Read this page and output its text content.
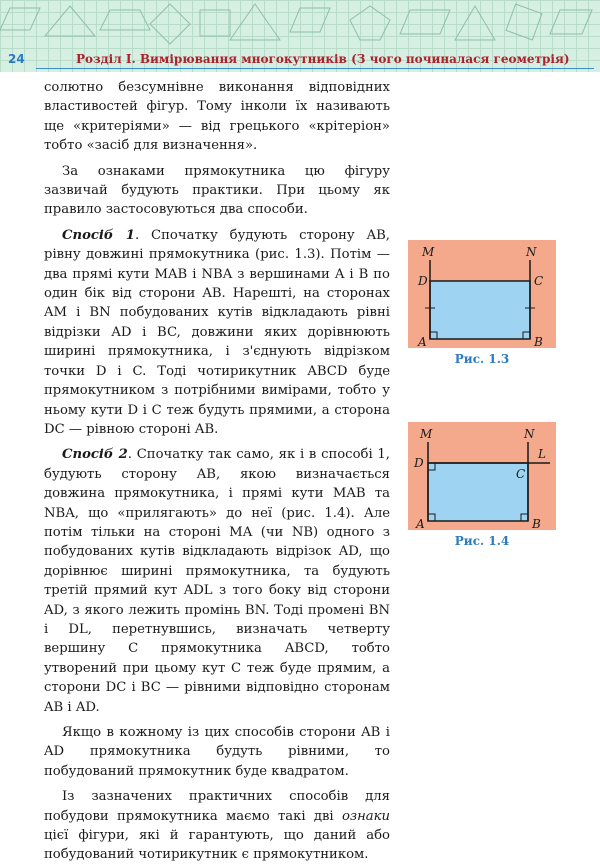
24	Розділ І. Вимірювання многокутників (З чого починалася геометрія)

солютно безсумнівне виконання відповідних властивостей фігур. Тому інколи їх називають ще «критеріями» — від грецького «крітеріон» тобто «засіб для визначення».

За ознаками прямокутника цю фігуру зазвичай будують практики. При цьому як правило застосовуються два способи.

Спосіб 1. Спочатку будують сторону AB, рівну довжині прямокутника (рис. 1.3). Потім — два прямі кути MAB і NBA з вершинами A і B по один бік від сторони AB. Нарешті, на сторонах AM і BN побудованих кутів відкладають рівні відрізки AD і BC, довжини яких дорівнюють ширині прямокутника, і з'єднують відрізком точки D і C. Тоді чотирикутник ABCD буде прямокутником з потрібними вимірами, тобто у ньому кути D і C теж будуть прямими, а сторона DC — рівною стороні AB.

Спосіб 2. Спочатку так само, як і в способі 1, будують сторону AB, якою визначається довжина прямокутника, і прямі кути MAB та NBA, що «прилягають» до неї (рис. 1.4). Але потім тільки на стороні MA (чи NB) одного з побудованих кутів відкладають відрізок AD, що дорівнює ширині прямокутника, та будують третій прямий кут ADL з того боку від сторони AD, з якого лежить промінь BN. Тоді промені BN і DL, перетнувшись, визначать четверту вершину C прямокутника ABCD, тобто утворений при цьому кут C теж буде прямим, а сторони DC і BC — рівними відповідно сторонам AB і AD.

Якщо в кожному із цих способів сторони AB і AD прямокутника будуть рівними, то побудований прямокутник буде квадратом.

Із зазначених практичних способів для побудови прямокутника маємо такі дві ознаки цієї фігури, які й гарантують, що даний або побудований чотирикутник є прямокутником.

M	N
D	C
A	B
Рис. 1.3
M	N
L
D
C
A	B
Рис. 1.4
